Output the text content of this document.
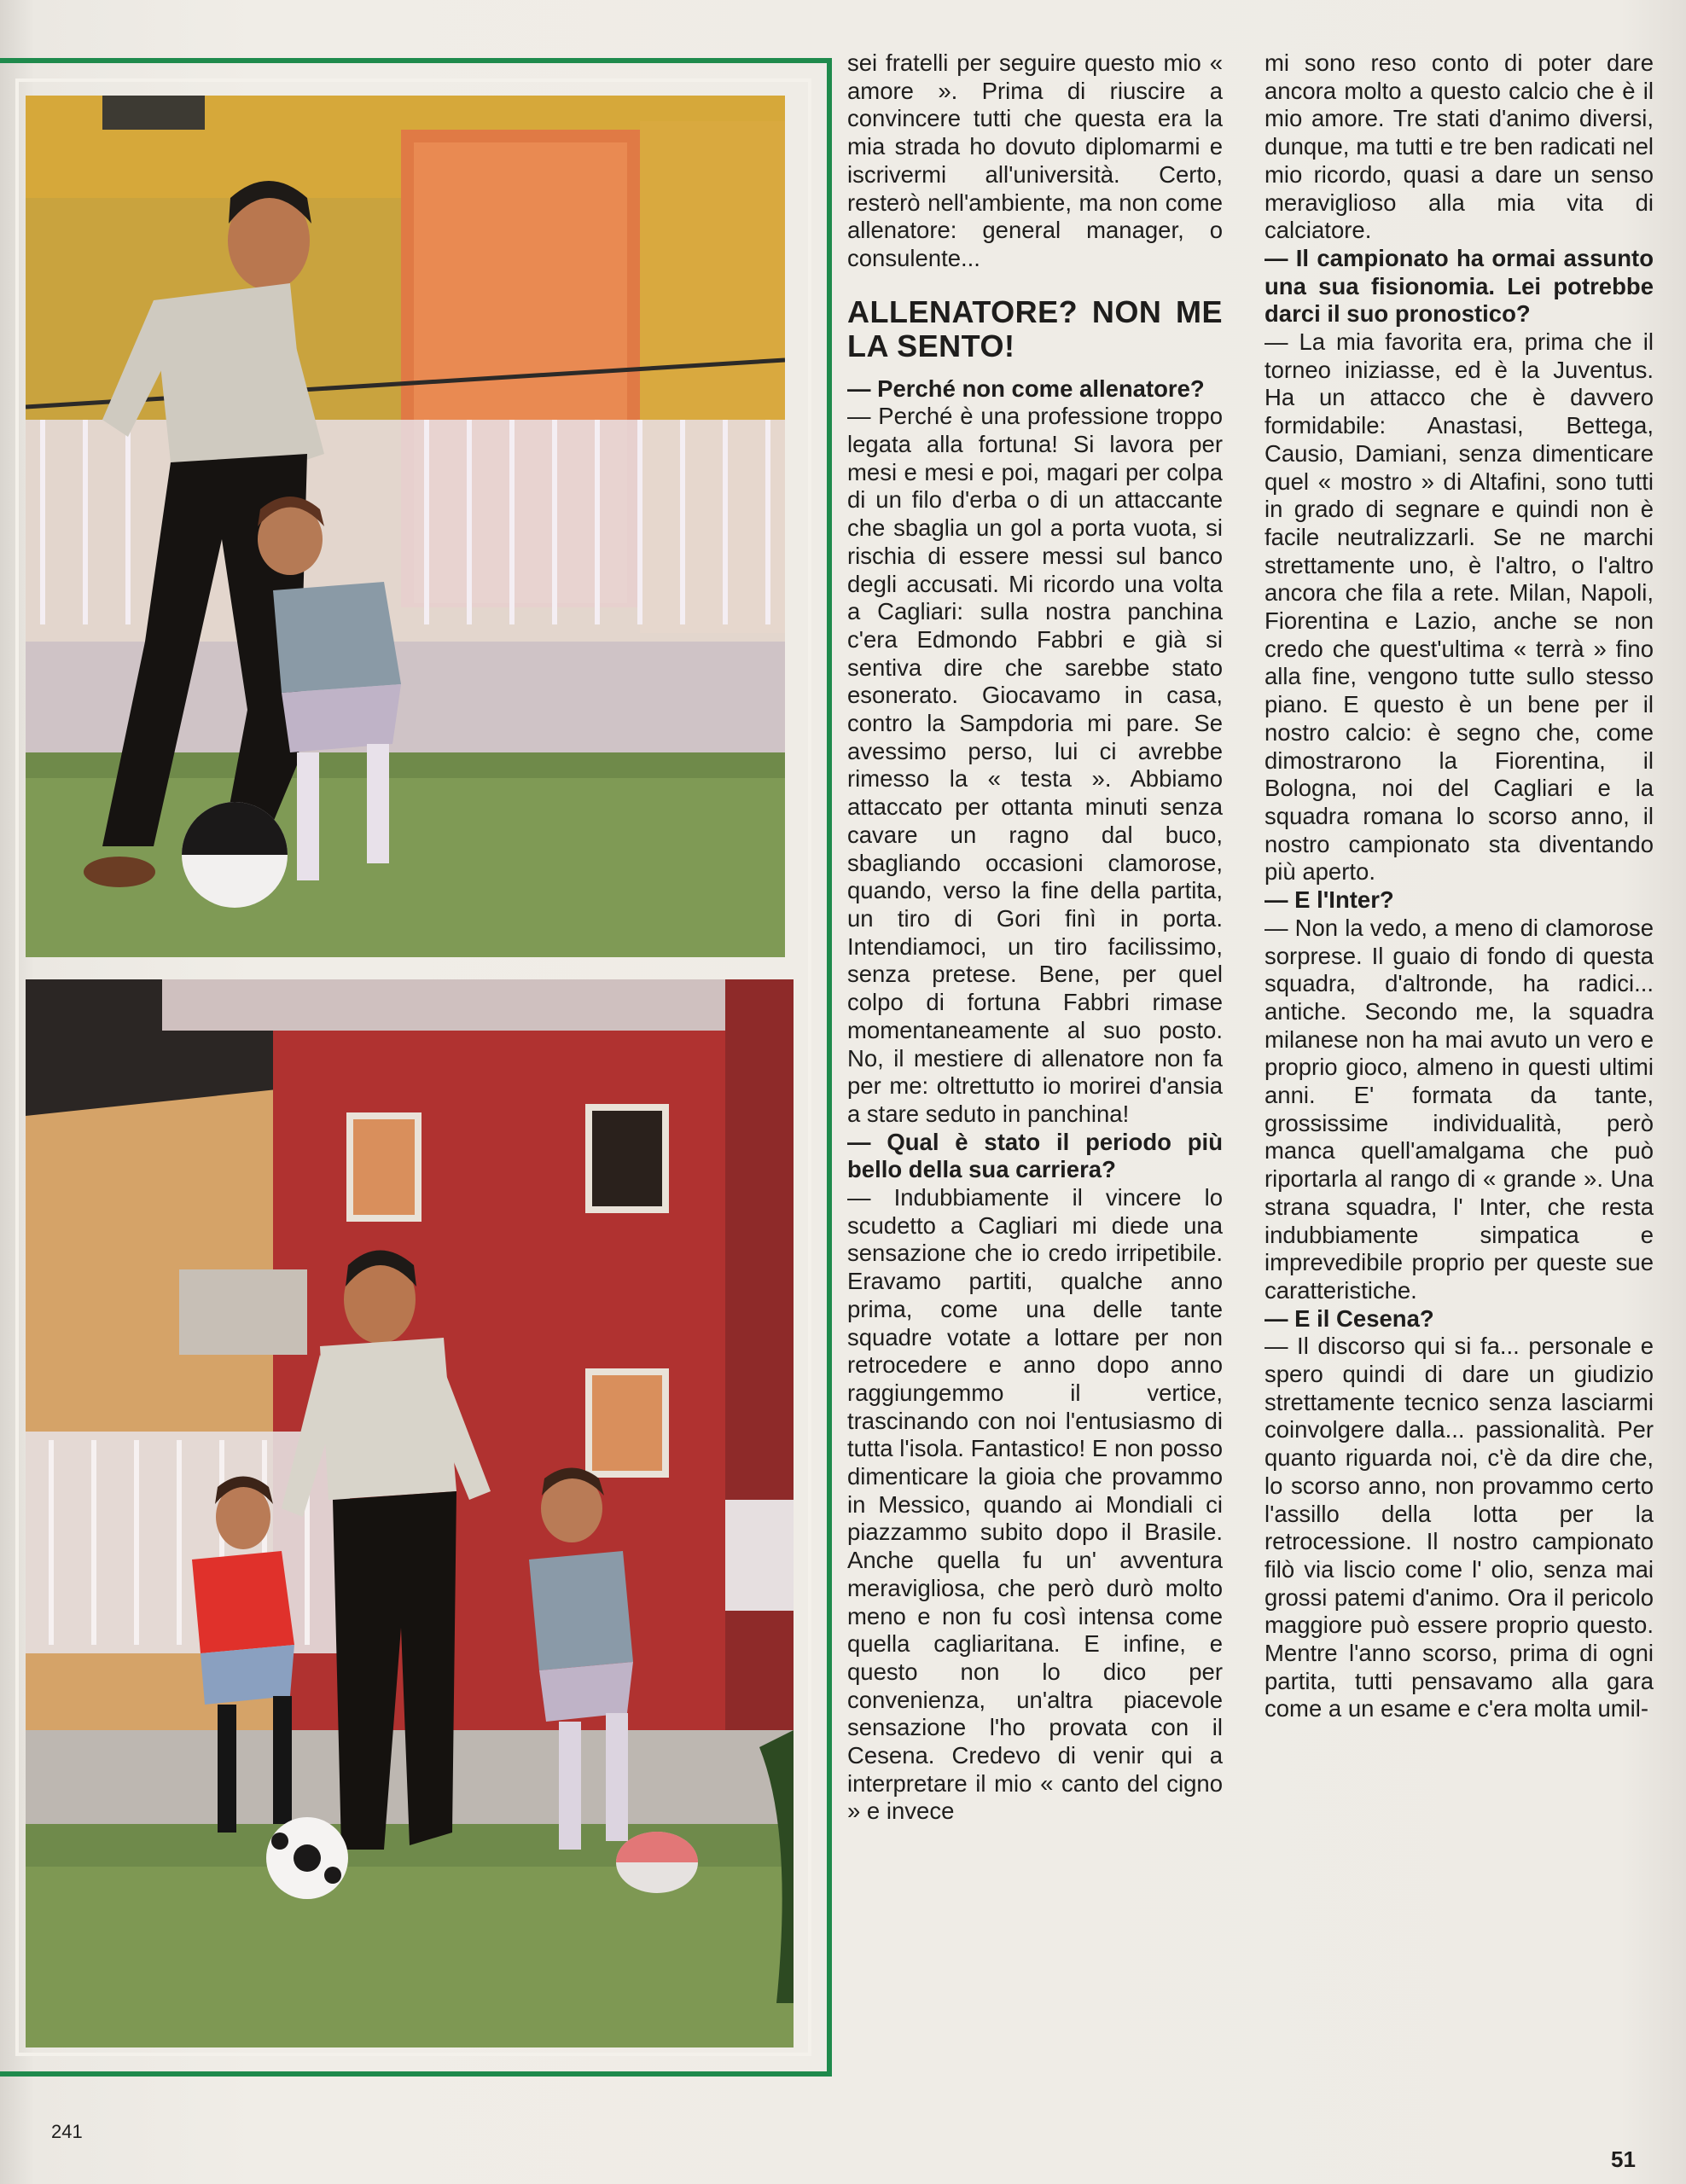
sei fratelli per seguire questo mio « amore ». Prima di riuscire a convincere tutti che questa era la mia strada ho dovuto diplomarmi e iscrivermi all'università. Certo, resterò nell'ambiente, ma non come allenatore: general manager, o consulente...

ALLENATORE? NON ME LA SENTO!

— Perché non come allenatore?

— Perché è una professione troppo legata alla fortuna! Si lavora per mesi e mesi e poi, magari per colpa di un filo d'erba o di un attaccante che sbaglia un gol a porta vuota, si rischia di essere messi sul banco degli accusati. Mi ricordo una volta a Cagliari: sulla nostra panchina c'era Edmondo Fabbri e già si sentiva dire che sarebbe stato esonerato. Giocavamo in casa, contro la Sampdoria mi pare. Se avessimo perso, lui ci avrebbe rimesso la « testa ». Abbiamo attaccato per ottanta minuti senza cavare un ragno dal buco, sbagliando occasioni clamorose, quando, verso la fine della partita, un tiro di Gori finì in porta. Intendiamoci, un tiro facilissimo, senza pretese. Bene, per quel colpo di fortuna Fabbri rimase momentaneamente al suo posto. No, il mestiere di allenatore non fa per me: oltrettutto io morirei d'ansia a stare seduto in panchina!

— Qual è stato il periodo più bello della sua carriera?

— Indubbiamente il vincere lo scudetto a Cagliari mi diede una sensazione che io credo irripetibile. Eravamo partiti, qualche anno prima, come una delle tante squadre votate a lottare per non retrocedere e anno dopo anno raggiungemmo il vertice, trascinando con noi l'entusiasmo di tutta l'isola. Fantastico! E non posso dimenticare la gioia che provammo in Messico, quando ai Mondiali ci piazzammo subito dopo il Brasile. Anche quella fu un' avventura meravigliosa, che però durò molto meno e non fu così intensa come quella cagliaritana. E infine, e questo non lo dico per convenienza, un'altra piacevole sensazione l'ho provata con il Cesena. Credevo di venir qui a interpretare il mio « canto del cigno » e invece

mi sono reso conto di poter dare ancora molto a questo calcio che è il mio amore. Tre stati d'animo diversi, dunque, ma tutti e tre ben radicati nel mio ricordo, quasi a dare un senso meraviglioso alla mia vita di calciatore.

— Il campionato ha ormai assunto una sua fisionomia. Lei potrebbe darci il suo pronostico?

— La mia favorita era, prima che il torneo iniziasse, ed è la Juventus. Ha un attacco che è davvero formidabile: Anastasi, Bettega, Causio, Damiani, senza dimenticare quel « mostro » di Altafini, sono tutti in grado di segnare e quindi non è facile neutralizzarli. Se ne marchi strettamente uno, è l'altro, o l'altro ancora che fila a rete. Milan, Napoli, Fiorentina e Lazio, anche se non credo che quest'ultima « terrà » fino alla fine, vengono tutte sullo stesso piano. E questo è un bene per il nostro calcio: è segno che, come dimostrarono la Fiorentina, il Bologna, noi del Cagliari e la squadra romana lo scorso anno, il nostro campionato sta diventando più aperto.

— E l'Inter?

— Non la vedo, a meno di clamorose sorprese. Il guaio di fondo di questa squadra, d'altronde, ha radici... antiche. Secondo me, la squadra milanese non ha mai avuto un vero e proprio gioco, almeno in questi ultimi anni. E' formata da tante, grossissime individualità, però manca quell'amalgama che può riportarla al rango di « grande ». Una strana squadra, l' Inter, che resta indubbiamente simpatica e imprevedibile proprio per queste sue caratteristiche.

— E il Cesena?

— Il discorso qui si fa... personale e spero quindi di dare un giudizio strettamente tecnico senza lasciarmi coinvolgere dalla... passionalità. Per quanto riguarda noi, c'è da dire che, lo scorso anno, non provammo certo l'assillo della lotta per la retrocessione. Il nostro campionato filò via liscio come l' olio, senza mai grossi patemi d'animo. Ora il pericolo maggiore può essere proprio questo. Mentre l'anno scorso, prima di ogni partita, tutti pensavamo alla gara come a un esame e c'era molta umil-

241
51
